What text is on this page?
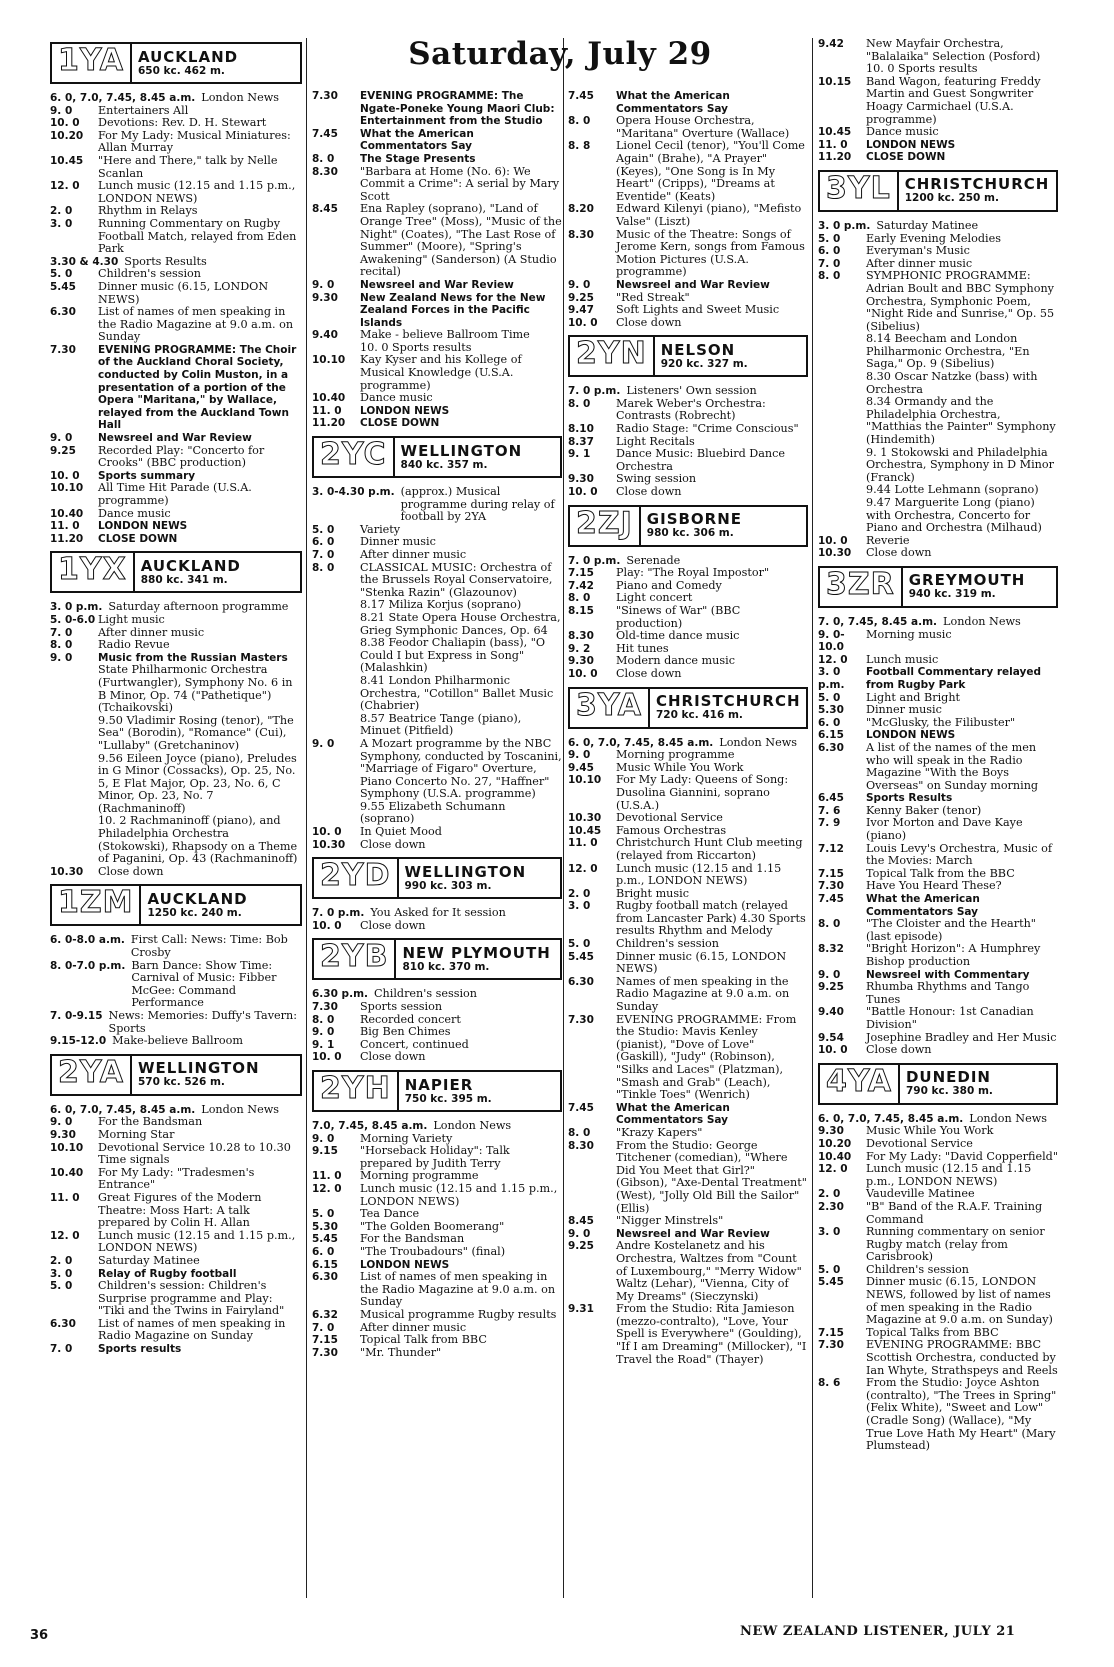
Saturday, July 29
1YA AUCKLAND
650 kc. 462 m.
6. 0, 7.0, 7.45, 8.45 a.m. London News
9. 0	Entertainers All
10. 0	Devotions: Rev. D. H. Stewart
10.20	For My Lady: Musical Miniatures: Allan Murray
10.45	"Here and There," talk by Nelle Scanlan
12. 0	Lunch music (12.15 and 1.15 p.m., LONDON NEWS)
2. 0	Rhythm in Relays
3. 0	Running Commentary on Rugby Football Match, relayed from Eden Park
3.30 & 4.30 Sports Results
5. 0	Children's session
5.45	Dinner music (6.15, LONDON NEWS)
6.30	List of names of men speaking in the Radio Magazine at 9.0 a.m. on Sunday
7.30	EVENING PROGRAMME: The Choir of the Auckland Choral Society, conducted by Colin Muston, in a presentation of a portion of the Opera "Maritana," by Wallace, relayed from the Auckland Town Hall
9. 0	Newsreel and War Review
9.25	Recorded Play: "Concerto for Crooks" (BBC production)
10. 0	Sports summary
10.10	All Time Hit Parade (U.S.A. programme)
10.40	Dance music
11. 0	LONDON NEWS
11.20	CLOSE DOWN
1YX AUCKLAND
880 kc. 341 m.
3. 0 p.m. Saturday afternoon programme
5. 0-6.0 Light music
7. 0	After dinner music
8. 0	Radio Revue
9. 0	Music from the Russian Masters
State Philharmonic Orchestra (Furtwangler), Symphony No. 6 in B Minor, Op. 74 ("Pathetique") (Tchaikovski)
9.50 Vladimir Rosing (tenor), "The Sea" (Borodin), "Romance" (Cui), "Lullaby" (Gretchaninov)
9.56 Eileen Joyce (piano), Preludes in G Minor (Cossacks), Op. 25, No. 5, E Flat Major, Op. 23, No. 6, C Minor, Op. 23, No. 7 (Rachmaninoff)
10. 2 Rachmaninoff (piano), and Philadelphia Orchestra (Stokowski), Rhapsody on a Theme of Paganini, Op. 43 (Rachmaninoff)
10.30	Close down
1ZM AUCKLAND
1250 kc. 240 m.
6. 0-8.0 a.m. First Call: News: Time: Bob Crosby
8. 0-7.0 p.m. Barn Dance: Show Time: Carnival of Music: Fibber McGee: Command Performance
7. 0-9.15 News: Memories: Duffy's Tavern: Sports
9.15-12.0 Make-believe Ballroom
2YA WELLINGTON
570 kc. 526 m.
6. 0, 7.0, 7.45, 8.45 a.m. London News
9. 0	For the Bandsman
9.30	Morning Star
10.10	Devotional Service 10.28 to 10.30 Time signals
10.40	For My Lady: "Tradesmen's Entrance"
11. 0	Great Figures of the Modern Theatre: Moss Hart: A talk prepared by Colin H. Allan
12. 0	Lunch music (12.15 and 1.15 p.m., LONDON NEWS)
2. 0	Saturday Matinee
3. 0	Relay of Rugby football
5. 0	Children's session: Children's Surprise programme and Play: "Tiki and the Twins in Fairyland"
6.30	List of names of men speaking in Radio Magazine on Sunday
7. 0	Sports results
7.30	EVENING PROGRAMME: The Ngate-Poneke Young Maori Club: Entertainment from the Studio
7.45	What the American Commentators Say
8. 0	The Stage Presents
8.30	"Barbara at Home (No. 6): We Commit a Crime": A serial by Mary Scott
8.45	Ena Rapley (soprano), "Land of Orange Tree" (Moss), "Music of the Night" (Coates), "The Last Rose of Summer" (Moore), "Spring's Awakening" (Sanderson) (A Studio recital)
9. 0	Newsreel and War Review
9.30	New Zealand News for the New Zealand Forces in the Pacific Islands
9.40	Make - believe Ballroom Time
10. 0 Sports results
10.10	Kay Kyser and his Kollege of Musical Knowledge (U.S.A. programme)
10.40	Dance music
11. 0	LONDON NEWS
11.20	CLOSE DOWN
2YC WELLINGTON
840 kc. 357 m.
3. 0-4.30 p.m. (approx.) Musical programme during relay of football by 2YA
5. 0	Variety
6. 0	Dinner music
7. 0	After dinner music
8. 0	CLASSICAL MUSIC: Orchestra of the Brussels Royal Conservatoire, "Stenka Razin" (Glazounov)
8.17 Miliza Korjus (soprano)
8.21 State Opera House Orchestra, Grieg Symphonic Dances, Op. 64
8.38 Feodor Chaliapin (bass), "O Could I but Express in Song" (Malashkin)
8.41 London Philharmonic Orchestra, "Cotillon" Ballet Music (Chabrier)
8.57 Beatrice Tange (piano), Minuet (Pitfield)
9. 0	A Mozart programme by the NBC Symphony, conducted by Toscanini, "Marriage of Figaro" Overture, Piano Concerto No. 27, "Haffner" Symphony (U.S.A. programme)
9.55 Elizabeth Schumann (soprano)
10. 0	In Quiet Mood
10.30	Close down
2YD WELLINGTON
990 kc. 303 m.
7. 0 p.m. You Asked for It session
10. 0	Close down
2YB NEW PLYMOUTH
810 kc. 370 m.
6.30 p.m. Children's session
7.30	Sports session
8. 0	Recorded concert
9. 0	Big Ben Chimes
9. 1	Concert, continued
10. 0	Close down
2YH NAPIER
750 kc. 395 m.
7.0, 7.45, 8.45 a.m. London News
9. 0	Morning Variety
9.15	"Horseback Holiday": Talk prepared by Judith Terry
11. 0	Morning programme
12. 0	Lunch music (12.15 and 1.15 p.m., LONDON NEWS)
5. 0	Tea Dance
5.30	"The Golden Boomerang"
5.45	For the Bandsman
6. 0	"The Troubadours" (final)
6.15	LONDON NEWS
6.30	List of names of men speaking in the Radio Magazine at 9.0 a.m. on Sunday
6.32	Musical programme Rugby results
7. 0	After dinner music
7.15	Topical Talk from BBC
7.30	"Mr. Thunder"
7.45	What the American Commentators Say
8. 0	Opera House Orchestra, "Maritana" Overture (Wallace)
8. 8	Lionel Cecil (tenor), "You'll Come Again" (Brahe), "A Prayer" (Keyes), "One Song is In My Heart" (Cripps), "Dreams at Eventide" (Keats)
8.20	Edward Kilenyi (piano), "Mefisto Valse" (Liszt)
8.30	Music of the Theatre: Songs of Jerome Kern, songs from Famous Motion Pictures (U.S.A. programme)
9. 0	Newsreel and War Review
9.25	"Red Streak"
9.47	Soft Lights and Sweet Music
10. 0	Close down
2YN NELSON
920 kc. 327 m.
7. 0 p.m. Listeners' Own session
8. 0	Marek Weber's Orchestra: Contrasts (Robrecht)
8.10	Radio Stage: "Crime Conscious"
8.37	Light Recitals
9. 1	Dance Music: Bluebird Dance Orchestra
9.30	Swing session
10. 0	Close down
2ZJ GISBORNE
980 kc. 306 m.
7. 0 p.m. Serenade
7.15	Play: "The Royal Impostor"
7.42	Piano and Comedy
8. 0	Light concert
8.15	"Sinews of War" (BBC production)
8.30	Old-time dance music
9. 2	Hit tunes
9.30	Modern dance music
10. 0	Close down
3YA CHRISTCHURCH
720 kc. 416 m.
6. 0, 7.0, 7.45, 8.45 a.m. London News
9. 0	Morning programme
9.45	Music While You Work
10.10	For My Lady: Queens of Song: Dusolina Giannini, soprano (U.S.A.)
10.30	Devotional Service
10.45	Famous Orchestras
11. 0	Christchurch Hunt Club meeting (relayed from Riccarton)
12. 0	Lunch music (12.15 and 1.15 p.m., LONDON NEWS)
2. 0	Bright music
3. 0	Rugby football match (relayed from Lancaster Park) 4.30 Sports results Rhythm and Melody
5. 0	Children's session
5.45	Dinner music (6.15, LONDON NEWS)
6.30	Names of men speaking in the Radio Magazine at 9.0 a.m. on Sunday
7.30	EVENING PROGRAMME: From the Studio: Mavis Kenley (pianist), "Dove of Love" (Gaskill), "Judy" (Robinson), "Silks and Laces" (Platzman), "Smash and Grab" (Leach), "Tinkle Toes" (Wenrich)
7.45	What the American Commentators Say
8. 0	"Krazy Kapers"
8.30	From the Studio: George Titchener (comedian), "Where Did You Meet that Girl?" (Gibson), "Axe-Dental Treatment" (West), "Jolly Old Bill the Sailor" (Ellis)
8.45	"Nigger Minstrels"
9. 0	Newsreel and War Review
9.25	Andre Kostelanetz and his Orchestra, Waltzes from "Count of Luxembourg," "Merry Widow" Waltz (Lehar), "Vienna, City of My Dreams" (Sieczynski)
9.31	From the Studio: Rita Jamieson (mezzo-contralto), "Love, Your Spell is Everywhere" (Goulding), "If I am Dreaming" (Millocker), "I Travel the Road" (Thayer)
9.42	New Mayfair Orchestra, "Balalaika" Selection (Posford) 10. 0 Sports results
10.15	Band Wagon, featuring Freddy Martin and Guest Songwriter Hoagy Carmichael (U.S.A. programme)
10.45	Dance music
11. 0	LONDON NEWS
11.20	CLOSE DOWN
3YL CHRISTCHURCH
1200 kc. 250 m.
3. 0 p.m. Saturday Matinee
5. 0	Early Evening Melodies
6. 0	Everyman's Music
7. 0	After dinner music
8. 0	SYMPHONIC PROGRAMME: Adrian Boult and BBC Symphony Orchestra, Symphonic Poem, "Night Ride and Sunrise," Op. 55 (Sibelius)
8.14 Beecham and London Philharmonic Orchestra, "En Saga," Op. 9 (Sibelius)
8.30 Oscar Natzke (bass) with Orchestra
8.34 Ormandy and the Philadelphia Orchestra, "Matthias the Painter" Symphony (Hindemith)
9. 1 Stokowski and Philadelphia Orchestra, Symphony in D Minor (Franck)
9.44 Lotte Lehmann (soprano)
9.47 Marguerite Long (piano) with Orchestra, Concerto for Piano and Orchestra (Milhaud)
10. 0	Reverie
10.30	Close down
3ZR GREYMOUTH
940 kc. 319 m.
7. 0, 7.45, 8.45 a.m. London News
9. 0-10.0
Morning music
12. 0	Lunch music
3. 0 p.m.
Football Commentary relayed from Rugby Park
5. 0	Light and Bright
5.30	Dinner music
6. 0	"McGlusky, the Filibuster"
6.15	LONDON NEWS
6.30	A list of the names of the men who will speak in the Radio Magazine "With the Boys Overseas" on Sunday morning
6.45	Sports Results
7. 6	Kenny Baker (tenor)
7. 9	Ivor Morton and Dave Kaye (piano)
7.12	Louis Levy's Orchestra, Music of the Movies: March
7.15	Topical Talk from the BBC
7.30	Have You Heard These?
7.45	What the American Commentators Say
8. 0	"The Cloister and the Hearth" (last episode)
8.32	"Bright Horizon": A Humphrey Bishop production
9. 0	Newsreel with Commentary
9.25	Rhumba Rhythms and Tango Tunes
9.40	"Battle Honour: 1st Canadian Division"
9.54	Josephine Bradley and Her Music
10. 0	Close down
4YA DUNEDIN
790 kc. 380 m.
6. 0, 7.0, 7.45, 8.45 a.m. London News
9.30	Music While You Work
10.20	Devotional Service
10.40	For My Lady: "David Copperfield"
12. 0	Lunch music (12.15 and 1.15 p.m., LONDON NEWS)
2. 0	Vaudeville Matinee
2.30	"B" Band of the R.A.F. Training Command
3. 0	Running commentary on senior Rugby match (relay from Carisbrook)
5. 0	Children's session
5.45	Dinner music (6.15, LONDON NEWS, followed by list of names of men speaking in the Radio Magazine at 9.0 a.m. on Sunday)
7.15	Topical Talks from BBC
7.30	EVENING PROGRAMME: BBC Scottish Orchestra, conducted by Ian Whyte, Strathspeys and Reels
8. 6	From the Studio: Joyce Ashton (contralto), "The Trees in Spring" (Felix White), "Sweet and Low" (Cradle Song) (Wallace), "My True Love Hath My Heart" (Mary Plumstead)
36	NEW ZEALAND LISTENER, JULY 21
